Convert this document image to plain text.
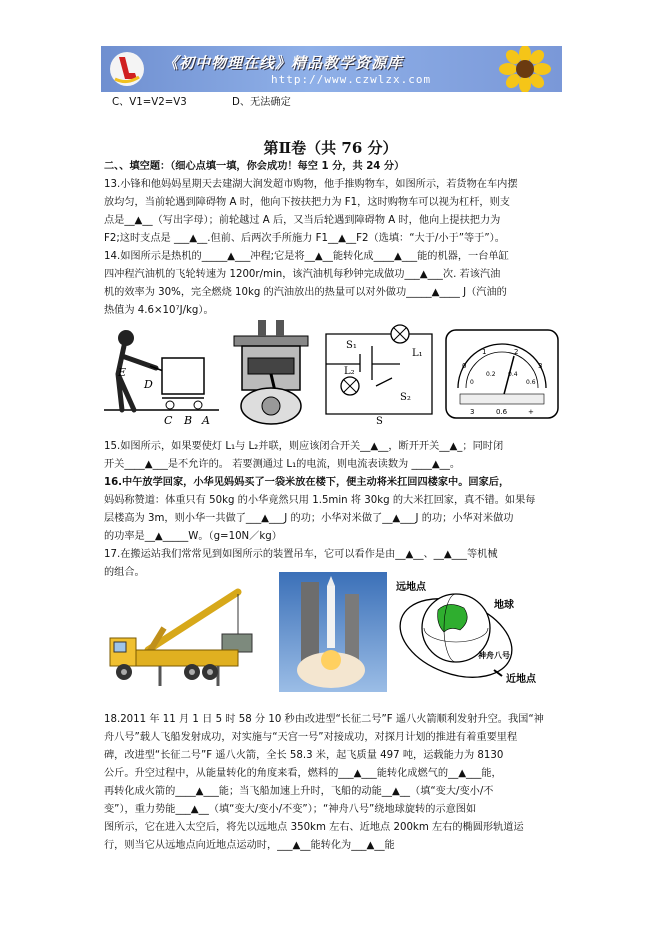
《初中物理在线》精品教学资源库
http://www.czwlzx.com
C、V1=V2=V3	D、无法确定
第Ⅱ卷（共 76 分）
二、、填空题：（细心点填一填，你会成功！每空 1 分，共 24 分）
13.小锋和他妈妈星期天去建湖大润发超市购物，他手推购物车，如图所示，若货物在车内摆
放均匀，当前轮遇到障碍物 A 时，他向下按扶把力为 F1，这时购物车可以视为杠杆，则支
点是__▲__（写出字母）；前轮越过 A 后，又当后轮遇到障碍物 A 时，他向上提扶把力为
F2;这时支点是 ___▲__.但前、后两次手所施力 F1__▲__F2（选填：“大于/小于”等于”）。
14.如图所示是热机的_____▲___冲程;它是将__▲__能转化成____▲___能的机器，一台单缸
四冲程汽油机的飞轮转速为 1200r/min，该汽油机每秒钟完成做功___▲___次. 若该汽油
机的效率为 30%，完全燃烧 10kg 的汽油放出的热量可以对外做功_____▲____ J（汽油的
热值为 4.6×10⁷J/kg）。
E
D
C B A
S₁
L₁
L₂
S₂
S
0
1	2
3
0
0.2 0.4
0.6
3	0.6	+
15.如图所示，如果要使灯 L₁与 L₂并联，则应该闭合开关__▲__，断开开关__▲_；同时闭
开关____▲___是不允许的。 若要测通过 L₁的电流，则电流表读数为 ____▲__。
16.中午放学回家，小华见妈妈买了一袋米放在楼下，便主动将米扛回四楼家中。回家后，
妈妈称赞道：体重只有 50kg 的小华竟然只用 1.5min 将 30kg 的大米扛回家，真不错。如果每
层楼高为 3m，则小华一共做了___▲___J 的功；小华对米做了__▲___J 的功；小华对米做功
的功率是__▲_____W。（g=10N／kg）
17.在搬运站我们常常见到如图所示的装置吊车，它可以看作是由__▲__、__▲___等机械
的组合。
远地点
地球
神舟八号
近地点
18.2011 年 11 月 1 日 5 时 58 分 10 秒由改进型“长征二号”F 遥八火箭顺利发射升空。我国“神
舟八号”载人飞船发射成功，对实施与“天宫一号”对接成功，对探月计划的推进有着重要里程
碑，改进型“长征二号”F 遥八火箭，全长 58.3 米，起飞质量 497 吨，运载能力为 8130
公斤。升空过程中，从能量转化的角度来看，燃料的___▲___能转化成燃气的__▲___能，
再转化成火箭的____▲___能；当飞船加速上升时，飞船的动能__▲__（填“变大/变小/不
变”），重力势能___▲__（填“变大/变小/不变”）；“神舟八号”绕地球旋转的示意图如
图所示，它在进入太空后，将先以远地点 350km 左右、近地点 200km 左右的椭圆形轨道运
行，则当它从远地点向近地点运动时，___▲__能转化为___▲__能
